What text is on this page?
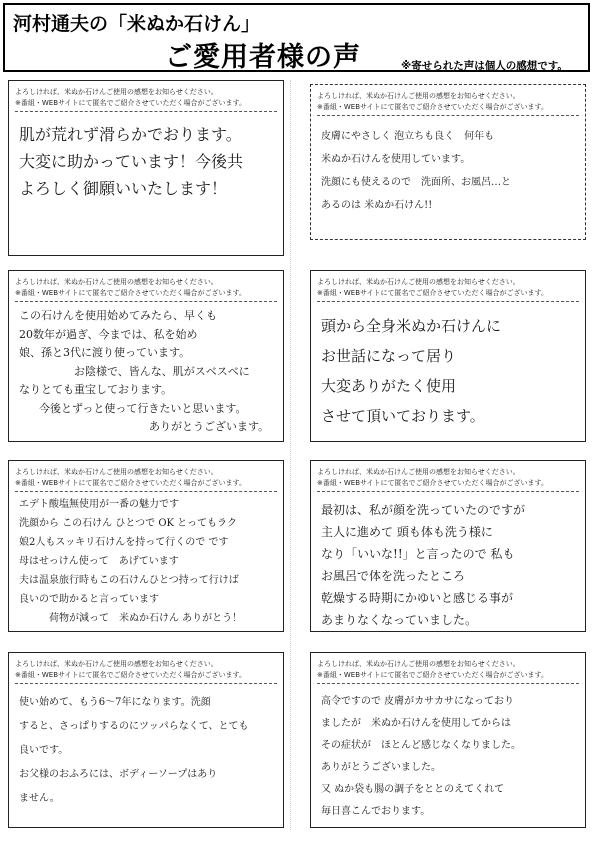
河村通夫の「米ぬか石けん」
ご愛用者様の声	※寄せられた声は個人の感想です。
よろしければ、米ぬか石けんご使用の感想をお知らせください。
※番組・WEBサイトにて匿名でご紹介させていただく場合がございます。
肌が荒れず滑らかでおります。
大変に助かっています！今後共
よろしく御願いいたします！
よろしければ、米ぬか石けんご使用の感想をお知らせください。
※番組・WEBサイトにて匿名でご紹介させていただく場合がございます。
皮膚にやさしく 泡立ちも良く　何年も
米ぬか石けんを使用しています。
洗顔にも使えるので　洗面所、お風呂…と
あるのは 米ぬか石けん!!
よろしければ、米ぬか石けんご使用の感想をお知らせください。
※番組・WEBサイトにて匿名でご紹介させていただく場合がございます。
この石けんを使用始めてみたら、早くも
20数年が過ぎ、今までは、私を始め
娘、孫と3代に渡り使っています。
お陰様で、皆んな、肌がスベスベに
なりとても重宝しております。
今後とずっと使って行きたいと思います。
ありがとうございます。
よろしければ、米ぬか石けんご使用の感想をお知らせください。
※番組・WEBサイトにて匿名でご紹介させていただく場合がございます。
頭から全身米ぬか石けんに
お世話になって居り
大変ありがたく使用
させて頂いております。
よろしければ、米ぬか石けんご使用の感想をお知らせください。
※番組・WEBサイトにて匿名でご紹介させていただく場合がございます。
エデト酸塩無使用が一番の魅力です
洗顔から この石けん ひとつで OK とってもラク
娘2人もスッキリ石けんを持って行くので です
母はせっけん使って　あげています
夫は温泉旅行時もこの石けんひとつ持って行けば
良いので助かると言っています
荷物が減って　米ぬか石けん ありがとう！
よろしければ、米ぬか石けんご使用の感想をお知らせください。
※番組・WEBサイトにて匿名でご紹介させていただく場合がございます。
最初は、私が顔を洗っていたのですが
主人に進めて 頭も体も洗う様に
なり「いいな!!」と言ったので 私も
お風呂で体を洗ったところ
乾燥する時期にかゆいと感じる事が
あまりなくなっていました。
よろしければ、米ぬか石けんご使用の感想をお知らせください。
※番組・WEBサイトにて匿名でご紹介させていただく場合がございます。
使い始めて、もう6～7年になります。洗顔
すると、さっぱりするのにツッパらなくて、とても
良いです。
お父様のおふろには、ボディーソープはあり
ません。
よろしければ、米ぬか石けんご使用の感想をお知らせください。
※番組・WEBサイトにて匿名でご紹介させていただく場合がございます。
高令ですので 皮膚がカサカサになっており
ましたが　米ぬか石けんを使用してからは
その症状が　ほとんど感じなくなりました。
ありがとうございました。
又 ぬか袋も腸の調子をととのえてくれて
毎日喜こんでおります。
